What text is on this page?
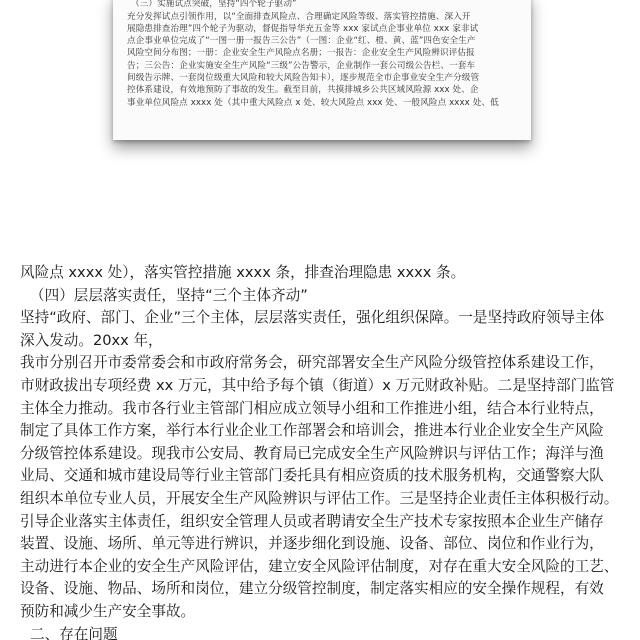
（三）实施试点突破，坚持“四个轮子驱动”
充分发挥试点引领作用，以“全面排查风险点、合理确定风险等级、落实管控措施、深入开
展隐患排查治理”四个轮子为驱动，督促指导华充五金等 xxx 家试点企事业单位 xxx 家非试
点企事业单位完成了“一图一册一报告三公告”（一图：企业“红、橙、黄、蓝”四色安全生产
风险空间分布图；一册：企业安全生产风险点名册；一报告：企业安全生产风险辨识评估报
告；三公告：企业实施安全生产风险“三级”公告警示，企业制作一套公司级公告栏、一套车
间级告示牌、一套岗位级重大风险和较大风险告知卡），逐步规范全市企事业安全生产分级管
控体系建设，有效地预防了事故的发生。截至目前，共摸排城乡公共区域风险源 xxx 处、企
事业单位风险点 xxxx 处（其中重大风险点 x 处、较大风险点 xxx 处、一般风险点 xxxx 处、低
风险点 xxxx 处），落实管控措施 xxxx 条，排查治理隐患 xxxx 条。
（四）层层落实责任，坚持“三个主体齐动”
坚持“政府、部门、企业”三个主体，层层落实责任，强化组织保障。一是坚持政府领导主体
深入发动。20xx 年，
我市分别召开市委常委会和市政府常务会，研究部署安全生产风险分级管控体系建设工作，
市财政拔出专项经费 xx 万元，其中给予每个镇（街道）x 万元财政补贴。二是坚持部门监管
主体全力推动。我市各行业主管部门相应成立领导小组和工作推进小组，结合本行业特点，
制定了具体工作方案，举行本行业企业工作部署会和培训会，推进本行业企业安全生产风险
分级管控体系建设。现我市公安局、教育局已完成安全生产风险辨识与评估工作；海洋与渔
业局、交通和城市建设局等行业主管部门委托具有相应资质的技术服务机构，交通警察大队
组织本单位专业人员，开展安全生产风险辨识与评估工作。三是坚持企业责任主体积极行动。
引导企业落实主体责任，组织安全管理人员或者聘请安全生产技术专家按照本企业生产储存
装置、设施、场所、单元等进行辨识，并逐步细化到设施、设备、部位、岗位和作业行为，
主动进行本企业的安全生产风险评估，建立安全风险评估制度，对存在重大安全风险的工艺、
设备、设施、物品、场所和岗位，建立分级管控制度，制定落实相应的安全操作规程，有效
预防和减少生产安全事故。
二、存在问题
